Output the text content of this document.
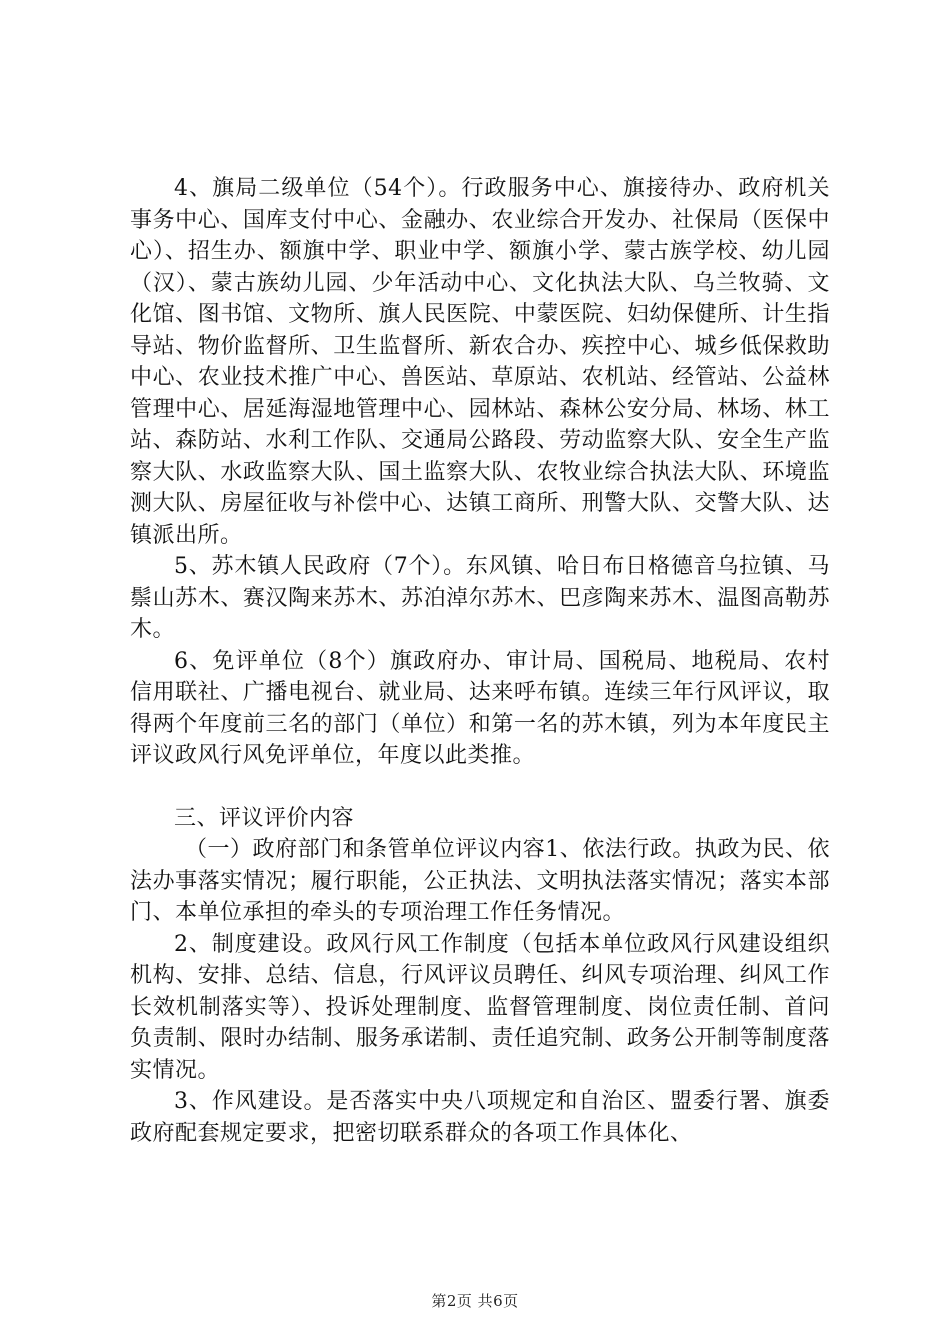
4、旗局二级单位（54个）。行政服务中心、旗接待办、政府机关事务中心、国库支付中心、金融办、农业综合开发办、社保局（医保中心）、招生办、额旗中学、职业中学、额旗小学、蒙古族学校、幼儿园（汉）、蒙古族幼儿园、少年活动中心、文化执法大队、乌兰牧骑、文化馆、图书馆、文物所、旗人民医院、中蒙医院、妇幼保健所、计生指导站、物价监督所、卫生监督所、新农合办、疾控中心、城乡低保救助中心、农业技术推广中心、兽医站、草原站、农机站、经管站、公益林管理中心、居延海湿地管理中心、园林站、森林公安分局、林场、林工站、森防站、水利工作队、交通局公路段、劳动监察大队、安全生产监察大队、水政监察大队、国土监察大队、农牧业综合执法大队、环境监测大队、房屋征收与补偿中心、达镇工商所、刑警大队、交警大队、达镇派出所。

5、苏木镇人民政府（7个）。东风镇、哈日布日格德音乌拉镇、马鬃山苏木、赛汉陶来苏木、苏泊淖尔苏木、巴彦陶来苏木、温图高勒苏木。

6、免评单位（8个）旗政府办、审计局、国税局、地税局、农村信用联社、广播电视台、就业局、达来呼布镇。连续三年行风评议，取得两个年度前三名的部门（单位）和第一名的苏木镇，列为本年度民主评议政风行风免评单位，年度以此类推。

三、评议评价内容

（一）政府部门和条管单位评议内容1、依法行政。执政为民、依法办事落实情况；履行职能，公正执法、文明执法落实情况；落实本部门、本单位承担的牵头的专项治理工作任务情况。

2、制度建设。政风行风工作制度（包括本单位政风行风建设组织机构、安排、总结、信息，行风评议员聘任、纠风专项治理、纠风工作长效机制落实等）、投诉处理制度、监督管理制度、岗位责任制、首问负责制、限时办结制、服务承诺制、责任追究制、政务公开制等制度落实情况。

3、作风建设。是否落实中央八项规定和自治区、盟委行署、旗委政府配套规定要求，把密切联系群众的各项工作具体化、

第2页 共6页
